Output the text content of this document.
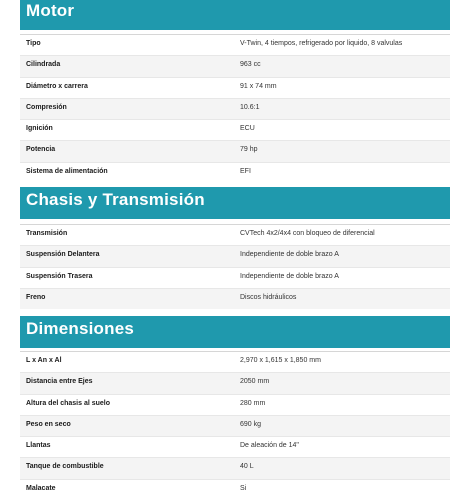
Motor
Tipo	V-Twin, 4 tiempos, refrigerado por liquido, 8 valvulas
Cilindrada	963 cc
Diámetro x carrera	91 x 74 mm
Compresión	10.6:1
Ignición	ECU
Potencia	79 hp
Sistema de alimentación	EFI
Chasis y Transmisión
Transmisión	CVTech 4x2/4x4 con bloqueo de diferencial
Suspensión Delantera	Independiente de doble brazo A
Suspensión Trasera	Independiente de doble brazo A
Freno	Discos hidráulicos
Dimensiones
L x An x Al	2,970 x 1,615 x 1,850 mm
Distancia entre Ejes	2050 mm
Altura del chasis al suelo	280 mm
Peso en seco	690 kg
Llantas	De aleación de 14"
Tanque de combustible	40 L
Malacate	Si
